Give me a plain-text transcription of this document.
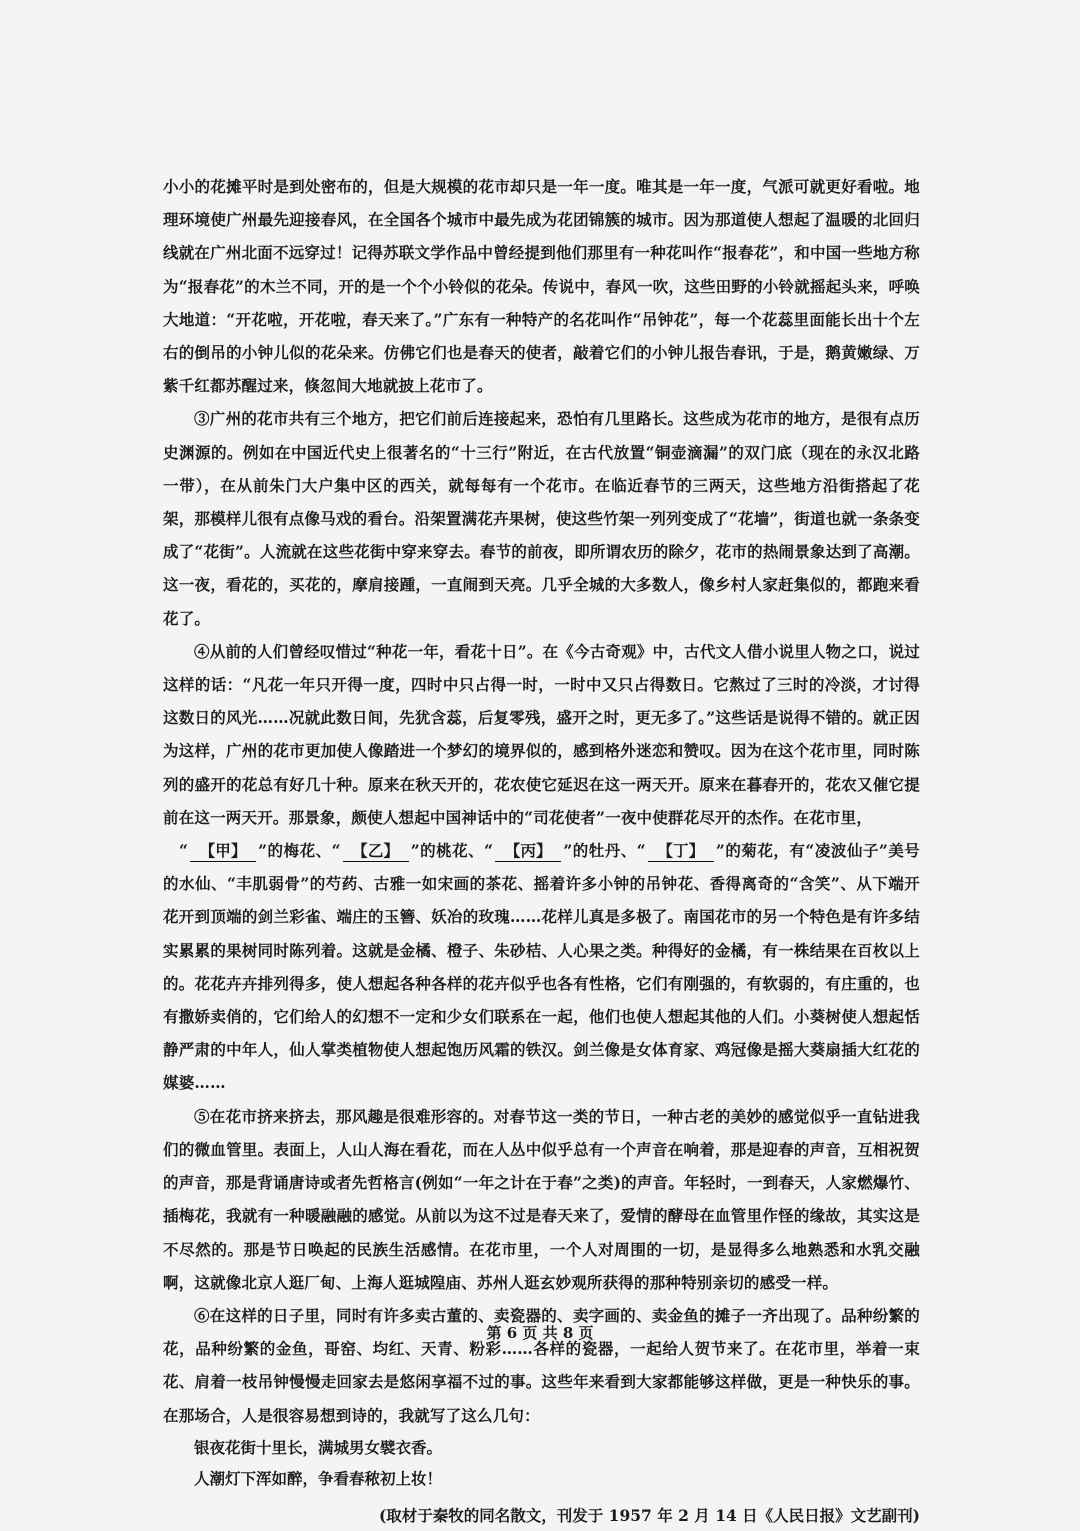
小小的花摊平时是到处密布的，但是大规模的花市却只是一年一度。唯其是一年一度，气派可就更好看啦。地理环境使广州最先迎接春风，在全国各个城市中最先成为花团锦簇的城市。因为那道使人想起了温暖的北回归线就在广州北面不远穿过！记得苏联文学作品中曾经提到他们那里有一种花叫作“报春花”，和中国一些地方称为“报春花”的木兰不同，开的是一个个小铃似的花朵。传说中，春风一吹，这些田野的小铃就摇起头来，呼唤大地道：“开花啦，开花啦，春天来了。”广东有一种特产的名花叫作“吊钟花”，每一个花蕊里面能长出十个左右的倒吊的小钟儿似的花朵来。仿佛它们也是春天的使者，敲着它们的小钟儿报告春讯，于是，鹅黄嫩绿、万紫千红都苏醒过来，倏忽间大地就披上花市了。

③广州的花市共有三个地方，把它们前后连接起来，恐怕有几里路长。这些成为花市的地方，是很有点历史渊源的。例如在中国近代史上很著名的“十三行”附近，在古代放置“铜壶滴漏”的双门底（现在的永汉北路一带），在从前朱门大户集中区的西关，就每每有一个花市。在临近春节的三两天，这些地方沿街搭起了花架，那模样儿很有点像马戏的看台。沿架置满花卉果树，使这些竹架一列列变成了“花墙”，街道也就一条条变成了“花街”。人流就在这些花街中穿来穿去。春节的前夜，即所谓农历的除夕，花市的热闹景象达到了高潮。这一夜，看花的，买花的，摩肩接踵，一直闹到天亮。几乎全城的大多数人，像乡村人家赶集似的，都跑来看花了。

④从前的人们曾经叹惜过“种花一年，看花十日”。在《今古奇观》中，古代文人借小说里人物之口，说过这样的话：“凡花一年只开得一度，四时中只占得一时，一时中又只占得数日。它熬过了三时的冷淡，才讨得这数日的风光……况就此数日间，先犹含蕊，后复零残，盛开之时，更无多了。”这些话是说得不错的。就正因为这样，广州的花市更加使人像踏进一个梦幻的境界似的，感到格外迷恋和赞叹。因为在这个花市里，同时陈列的盛开的花总有好几十种。原来在秋天开的，花农使它延迟在这一两天开。原来在暮春开的，花农又催它提前在这一两天开。那景象，颇使人想起中国神话中的“司花使者”一夜中使群花尽开的杰作。在花市里，
“ 【甲】 ”的梅花、“ 【乙】 ”的桃花、“ 【丙】 ”的牡丹、“ 【丁】 ”的菊花，有“凌波仙子”美号的水仙、“丰肌弱骨”的芍药、古雅一如宋画的茶花、摇着许多小钟的吊钟花、香得离奇的“含笑”、从下端开花开到顶端的剑兰彩雀、端庄的玉簪、妖冶的玫瑰……花样儿真是多极了。南国花市的另一个特色是有许多结实累累的果树同时陈列着。这就是金橘、橙子、朱砂桔、人心果之类。种得好的金橘，有一株结果在百枚以上的。花花卉卉排列得多，使人想起各种各样的花卉似乎也各有性格，它们有刚强的，有软弱的，有庄重的，也有撒娇卖俏的，它们给人的幻想不一定和少女们联系在一起，他们也使人想起其他的人们。小葵树使人想起恬静严肃的中年人，仙人掌类植物使人想起饱历风霜的铁汉。剑兰像是女体育家、鸡冠像是摇大葵扇插大红花的媒婆……

⑤在花市挤来挤去，那风趣是很难形容的。对春节这一类的节日，一种古老的美妙的感觉似乎一直钻进我们的微血管里。表面上，人山人海在看花，而在人丛中似乎总有一个声音在响着，那是迎春的声音，互相祝贺的声音，那是背诵唐诗或者先哲格言(例如“一年之计在于春”之类)的声音。年轻时，一到春天，人家燃爆竹、插梅花，我就有一种暖融融的感觉。从前以为这不过是春天来了，爱情的酵母在血管里作怪的缘故，其实这是不尽然的。那是节日唤起的民族生活感情。在花市里，一个人对周围的一切，是显得多么地熟悉和水乳交融啊，这就像北京人逛厂甸、上海人逛城隍庙、苏州人逛玄妙观所获得的那种特别亲切的感受一样。

⑥在这样的日子里，同时有许多卖古董的、卖瓷器的、卖字画的、卖金鱼的摊子一齐出现了。品种纷繁的花，品种纷繁的金鱼，哥窑、均红、天青、粉彩……各样的瓷器，一起给人贺节来了。在花市里，举着一束花、肩着一枝吊钟慢慢走回家去是悠闲享福不过的事。这些年来看到大家都能够这样做，更是一种快乐的事。在那场合，人是很容易想到诗的，我就写了这么几句：

银夜花街十里长，满城男女襞衣香。

人潮灯下浑如醉，争看春秾初上妆！

(取材于秦牧的同名散文，刊发于 1957 年 2 月 14 日《人民日报》文艺副刊)

第 6 页 共 8 页
